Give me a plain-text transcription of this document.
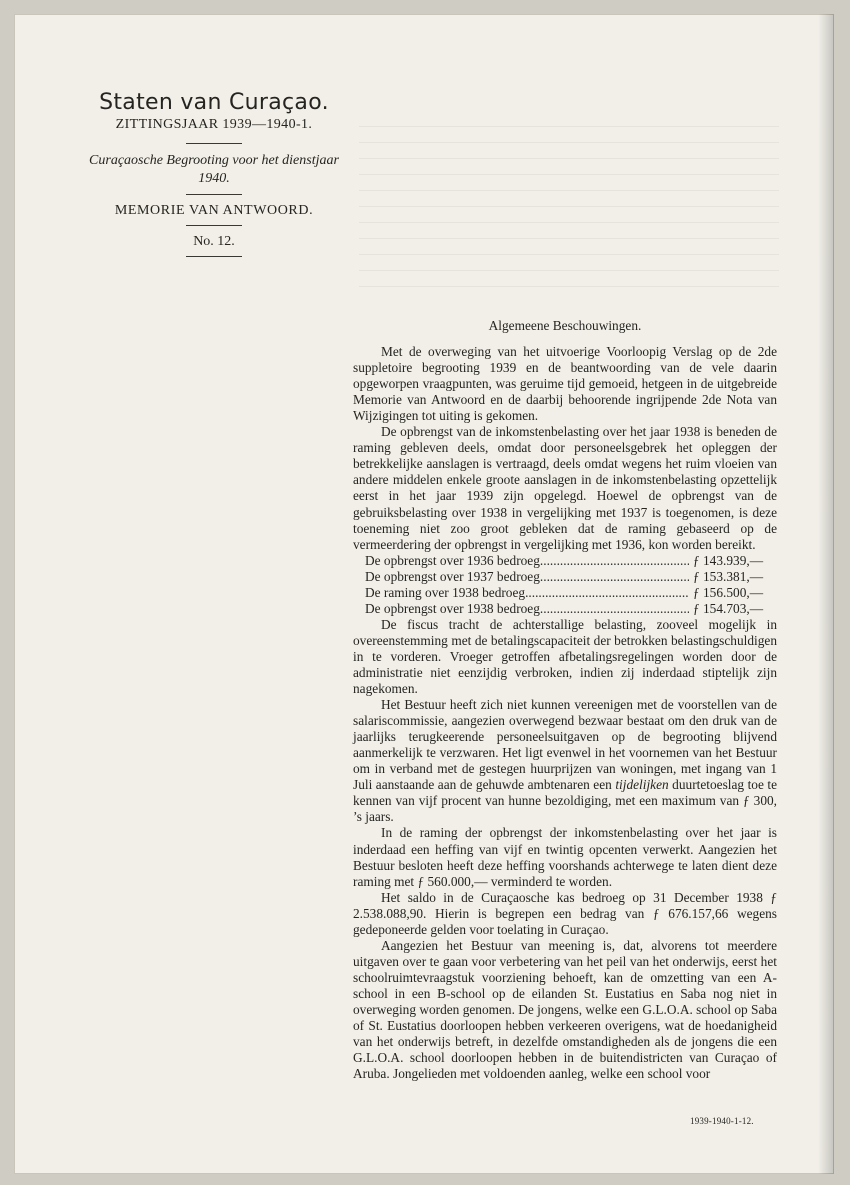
Staten van Curaçao.
ZITTINGSJAAR 1939—1940-1.
Curaçaosche Begrooting voor het dienstjaar
1940.
MEMORIE VAN ANTWOORD.
No. 12.
Algemeene Beschouwingen.

Met de overweging van het uitvoerige Voorloopig Verslag op de 2de suppletoire begrooting 1939 en de beantwoording van de vele daarin opgeworpen vraagpunten, was geruime tijd gemoeid, hetgeen in de uitgebreide Memorie van Antwoord en de daarbij behoorende ingrijpende 2de Nota van Wijzigingen tot uiting is gekomen.

De opbrengst van de inkomstenbelasting over het jaar 1938 is beneden de raming gebleven deels, omdat door personeelsgebrek het opleggen der betrekkelijke aanslagen is vertraagd, deels omdat wegens het ruim vloeien van andere middelen enkele groote aanslagen in de inkomstenbelasting opzettelijk eerst in het jaar 1939 zijn opgelegd. Hoewel de opbrengst van de gebruiksbelasting over 1938 in vergelijking met 1937 is toegenomen, is deze toeneming niet zoo groot gebleken dat de raming gebaseerd op de vermeerdering der opbrengst in vergelijking met 1936, kon worden bereikt.

De opbrengst over 1936 bedroeg .....	ƒ 143.939,—
De opbrengst over 1937 bedroeg .....	ƒ 153.381,—
De raming over 1938 bedroeg .....	ƒ 156.500,—
De opbrengst over 1938 bedroeg .....	ƒ 154.703,—

De fiscus tracht de achterstallige belasting, zooveel mogelijk in overeenstemming met de betalingscapaciteit der betrokken belastingschuldigen in te vorderen. Vroeger getroffen afbetalingsregelingen worden door de administratie niet eenzijdig verbroken, indien zij inderdaad stiptelijk zijn nagekomen.

Het Bestuur heeft zich niet kunnen vereenigen met de voorstellen van de salariscommissie, aangezien overwegend bezwaar bestaat om den druk van de jaarlijks terugkeerende personeelsuitgaven op de begrooting blijvend aanmerkelijk te verzwaren. Het ligt evenwel in het voornemen van het Bestuur om in verband met de gestegen huurprijzen van woningen, met ingang van 1 Juli aanstaande aan de gehuwde ambtenaren een tijdelijken duurtetoeslag toe te kennen van vijf procent van hunne bezoldiging, met een maximum van ƒ 300, ’s jaars.

In de raming der opbrengst der inkomstenbelasting over het jaar is inderdaad een heffing van vijf en twintig opcenten verwerkt. Aangezien het Bestuur besloten heeft deze heffing voorshands achterwege te laten dient deze raming met ƒ 560.000,— verminderd te worden.

Het saldo in de Curaçaosche kas bedroeg op 31 December 1938 ƒ 2.538.088,90. Hierin is begrepen een bedrag van ƒ 676.157,66 wegens gedeponeerde gelden voor toelating in Curaçao.

Aangezien het Bestuur van meening is, dat, alvorens tot meerdere uitgaven over te gaan voor verbetering van het peil van het onderwijs, eerst het schoolruimtevraagstuk voorziening behoeft, kan de omzetting van een A-school in een B-school op de eilanden St. Eustatius en Saba nog niet in overweging worden genomen. De jongens, welke een G.L.O.A. school op Saba of St. Eustatius doorloopen hebben verkeeren overigens, wat de hoedanigheid van het onderwijs betreft, in dezelfde omstandigheden als de jongens die een G.L.O.A. school doorloopen hebben in de buitendistricten van Curaçao of Aruba. Jongelieden met voldoenden aanleg, welke een school voor

1939-1940-1-12.
